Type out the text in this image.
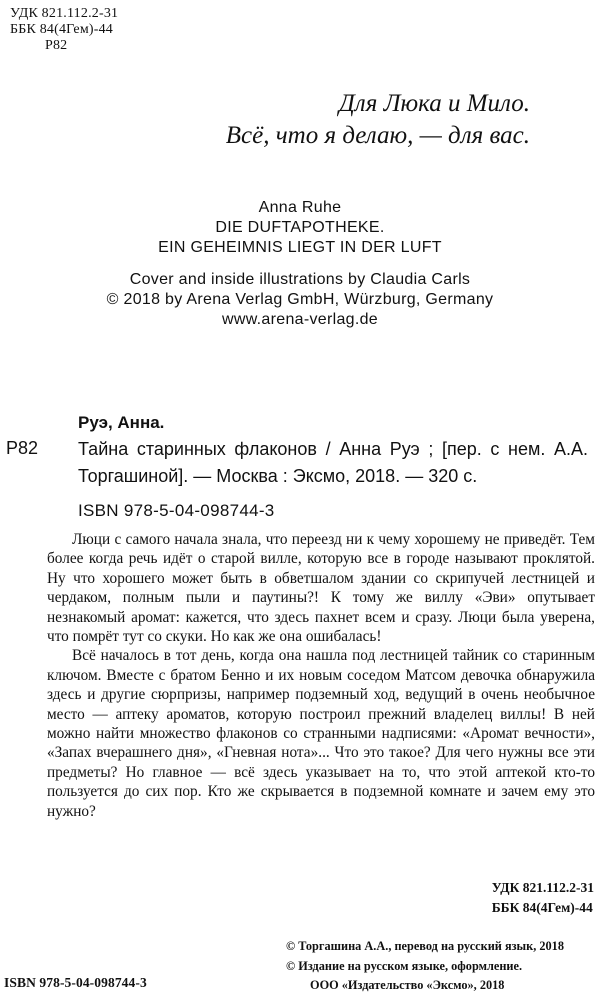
УДК 821.112.2-31
ББК 84(4Гем)-44
Р82
Для Люка и Мило.
Всё, что я делаю, — для вас.
Anna Ruhe
DIE DUFTAPOTHEKE.
EIN GEHEIMNIS LIEGT IN DER LUFT
Cover and inside illustrations by Claudia Carls
© 2018 by Arena Verlag GmbH, Würzburg, Germany
www.arena-verlag.de
Руэ, Анна.
Р82 Тайна старинных флаконов / Анна Руэ ; [пер. с нем. А.А. Торгашиной]. — Москва : Эксмо, 2018. — 320 с.
ISBN 978-5-04-098744-3

Люци с самого начала знала, что переезд ни к чему хорошему не приведёт. Тем более когда речь идёт о старой вилле, которую все в городе называют проклятой. Ну что хорошего может быть в обветшалом здании со скрипучей лестницей и чердаком, полным пыли и паутины?! К тому же виллу «Эви» опутывает незнакомый аромат: кажется, что здесь пахнет всем и сразу. Люци была уверена, что помрёт тут со скуки. Но как же она ошибалась!

Всё началось в тот день, когда она нашла под лестницей тайник со старинным ключом. Вместе с братом Бенно и их новым соседом Матсом девочка обнаружила здесь и другие сюрпризы, например подземный ход, ведущий в очень необычное место — аптеку ароматов, которую построил прежний владелец виллы! В ней можно найти множество флаконов со странными надписями: «Аромат вечности», «Запах вчерашнего дня», «Гневная нота»... Что это такое? Для чего нужны все эти предметы? Но главное — всё здесь указывает на то, что этой аптекой кто-то пользуется до сих пор. Кто же скрывается в подземной комнате и зачем ему это нужно?

УДК 821.112.2-31
ББК 84(4Гем)-44
ISBN 978-5-04-098744-3
© Торгашина А.А., перевод на русский язык, 2018
© Издание на русском языке, оформление.
ООО «Издательство «Эксмо», 2018
